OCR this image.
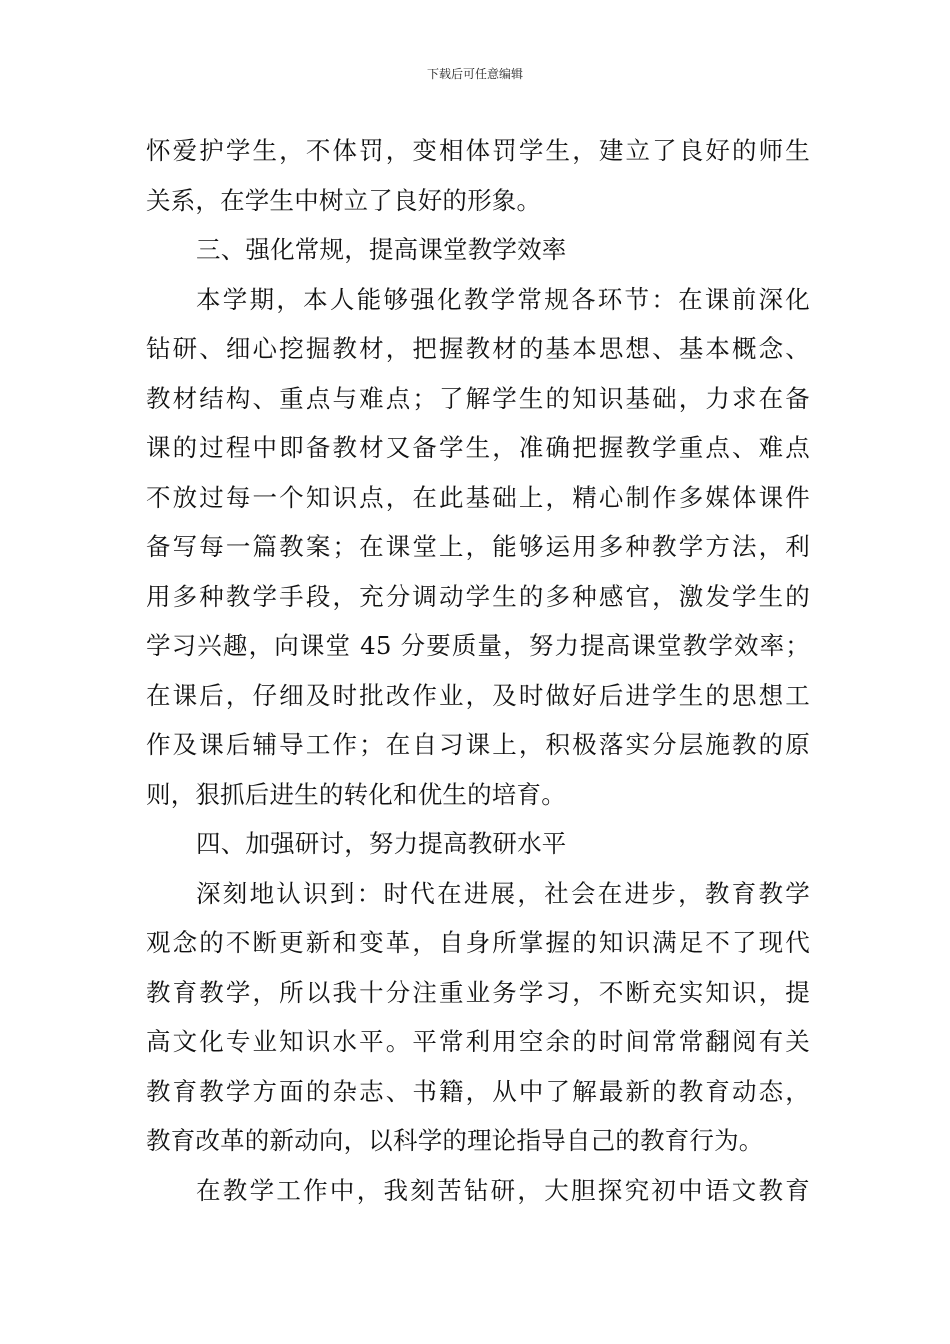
下载后可任意编辑
怀爱护学生，不体罚，变相体罚学生，建立了良好的师生
关系，在学生中树立了良好的形象。
三、强化常规，提高课堂教学效率
本学期，本人能够强化教学常规各环节：在课前深化
钻研、细心挖掘教材，把握教材的基本思想、基本概念、
教材结构、重点与难点；了解学生的知识基础，力求在备
课的过程中即备教材又备学生，准确把握教学重点、难点
不放过每一个知识点，在此基础上，精心制作多媒体课件
备写每一篇教案；在课堂上，能够运用多种教学方法，利
用多种教学手段，充分调动学生的多种感官，激发学生的
学习兴趣，向课堂 45 分要质量，努力提高课堂教学效率；
在课后，仔细及时批改作业，及时做好后进学生的思想工
作及课后辅导工作；在自习课上，积极落实分层施教的原
则，狠抓后进生的转化和优生的培育。
四、加强研讨，努力提高教研水平
深刻地认识到：时代在进展，社会在进步，教育教学
观念的不断更新和变革，自身所掌握的知识满足不了现代
教育教学，所以我十分注重业务学习，不断充实知识，提
高文化专业知识水平。平常利用空余的时间常常翻阅有关
教育教学方面的杂志、书籍，从中了解最新的教育动态，
教育改革的新动向，以科学的理论指导自己的教育行为。
在教学工作中，我刻苦钻研，大胆探究初中语文教育
